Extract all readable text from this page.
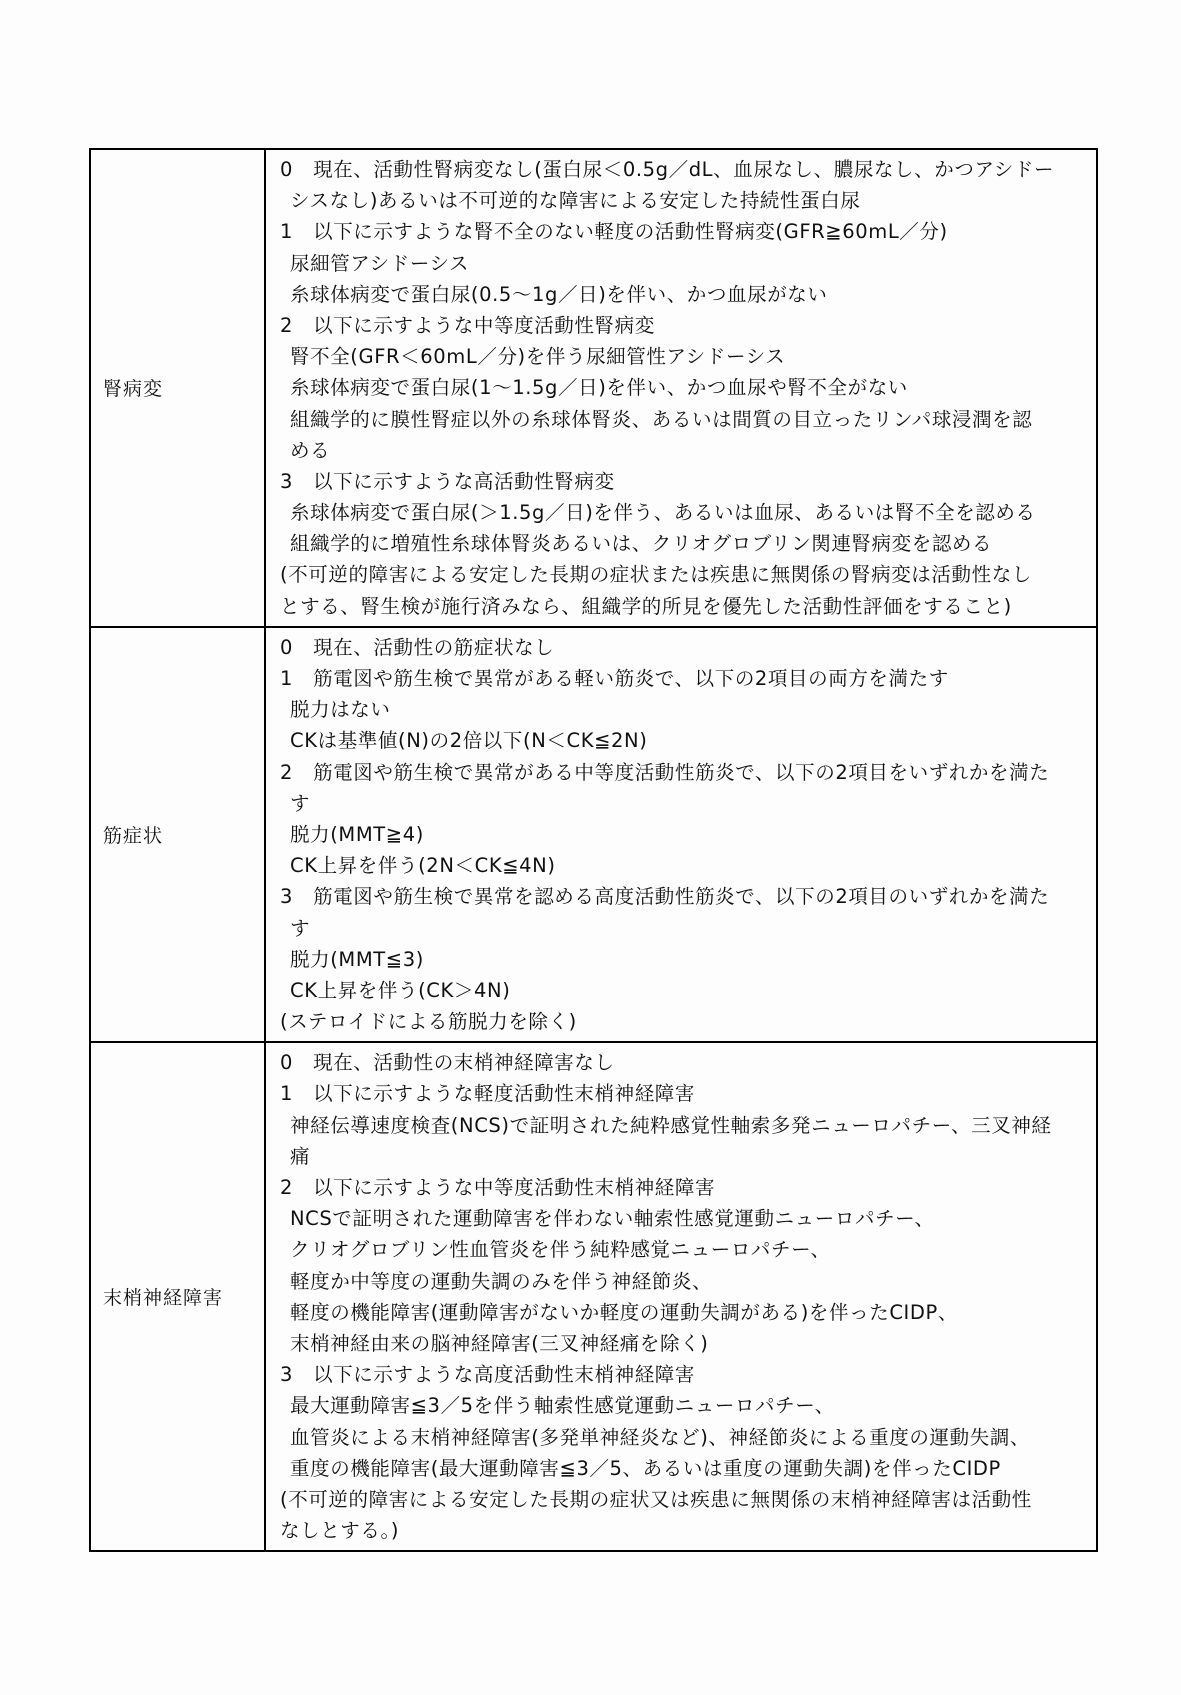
腎病変	
0　現在、活動性腎病変なし(蛋白尿＜0.5g／dL、血尿なし、膿尿なし、かつアシドー
シスなし)あるいは不可逆的な障害による安定した持続性蛋白尿
1　以下に示すような腎不全のない軽度の活動性腎病変(GFR≧60mL／分)
尿細管アシドーシス
糸球体病変で蛋白尿(0.5～1g／日)を伴い、かつ血尿がない
2　以下に示すような中等度活動性腎病変
腎不全(GFR＜60mL／分)を伴う尿細管性アシドーシス
糸球体病変で蛋白尿(1～1.5g／日)を伴い、かつ血尿や腎不全がない
組織学的に膜性腎症以外の糸球体腎炎、あるいは間質の目立ったリンパ球浸潤を認
める
3　以下に示すような高活動性腎病変
糸球体病変で蛋白尿(＞1.5g／日)を伴う、あるいは血尿、あるいは腎不全を認める
組織学的に増殖性糸球体腎炎あるいは、クリオグロブリン関連腎病変を認める
(不可逆的障害による安定した長期の症状または疾患に無関係の腎病変は活動性なし
とする、腎生検が施行済みなら、組織学的所見を優先した活動性評価をすること)

筋症状	
0　現在、活動性の筋症状なし
1　筋電図や筋生検で異常がある軽い筋炎で、以下の2項目の両方を満たす
脱力はない
CKは基準値(N)の2倍以下(N＜CK≦2N)
2　筋電図や筋生検で異常がある中等度活動性筋炎で、以下の2項目をいずれかを満た
す
脱力(MMT≧4)
CK上昇を伴う(2N＜CK≦4N)
3　筋電図や筋生検で異常を認める高度活動性筋炎で、以下の2項目のいずれかを満た
す
脱力(MMT≦3)
CK上昇を伴う(CK＞4N)
(ステロイドによる筋脱力を除く)

末梢神経障害	
0　現在、活動性の末梢神経障害なし
1　以下に示すような軽度活動性末梢神経障害
神経伝導速度検査(NCS)で証明された純粋感覚性軸索多発ニューロパチー、三叉神経
痛
2　以下に示すような中等度活動性末梢神経障害
NCSで証明された運動障害を伴わない軸索性感覚運動ニューロパチー、
クリオグロブリン性血管炎を伴う純粋感覚ニューロパチー、
軽度か中等度の運動失調のみを伴う神経節炎、
軽度の機能障害(運動障害がないか軽度の運動失調がある)を伴ったCIDP、
末梢神経由来の脳神経障害(三叉神経痛を除く)
3　以下に示すような高度活動性末梢神経障害
最大運動障害≦3／5を伴う軸索性感覚運動ニューロパチー、
血管炎による末梢神経障害(多発単神経炎など)、神経節炎による重度の運動失調、
重度の機能障害(最大運動障害≦3／5、あるいは重度の運動失調)を伴ったCIDP
(不可逆的障害による安定した長期の症状又は疾患に無関係の末梢神経障害は活動性
なしとする。)
